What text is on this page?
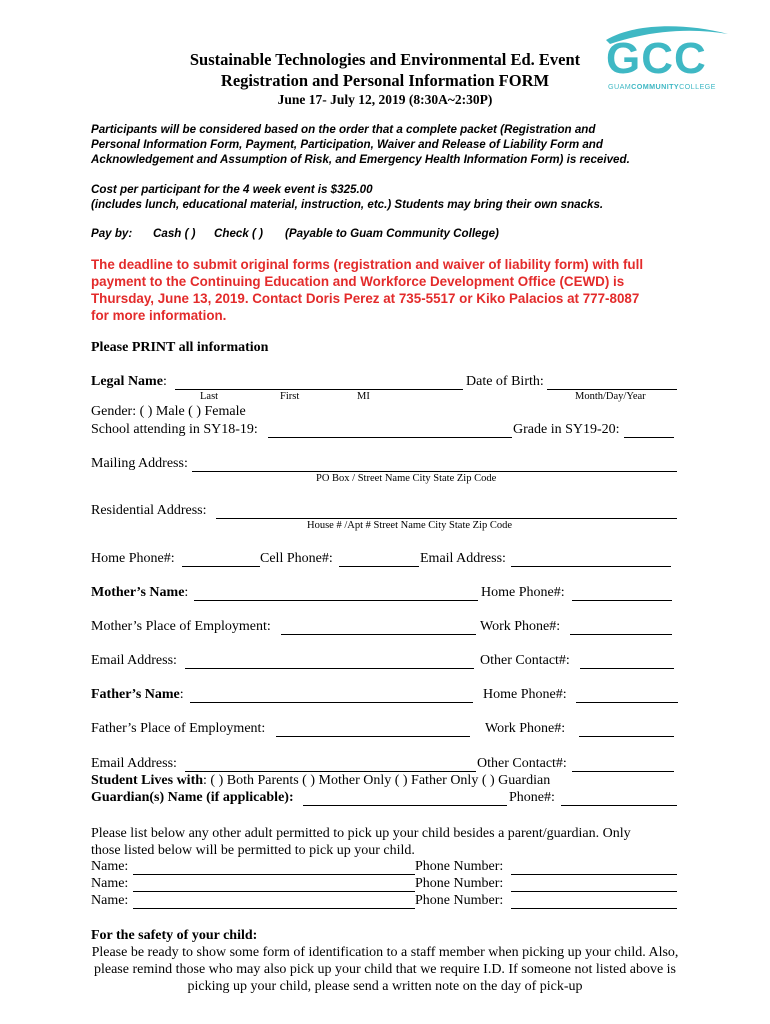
Sustainable Technologies and Environmental Ed. Event
Registration and Personal Information FORM
June 17- July 12, 2019 (8:30A~2:30P)
GCC
GUAMCOMMUNITYCOLLEGE
Participants will be considered based on the order that a complete packet (Registration and
Personal Information Form, Payment, Participation, Waiver and Release of Liability Form and
Acknowledgement and Assumption of Risk, and Emergency Health Information Form) is received.
Cost per participant for the 4 week event is $325.00
(includes lunch, educational material, instruction, etc.) Students may bring their own snacks.
Pay by: Cash ( ) Check ( ) (Payable to Guam Community College)
The deadline to submit original forms (registration and waiver of liability form) with full
payment to the Continuing Education and Workforce Development Office (CEWD) is
Thursday, June 13, 2019. Contact Doris Perez at 735-5517 or Kiko Palacios at 777-8087
for more information.
Please PRINT all information
Legal Name:	Date of Birth:
Last	First	MI	Month/Day/Year
Gender: ( ) Male ( ) Female
School attending in SY18-19:	Grade in SY19-20:
Mailing Address:
PO Box / Street Name City State Zip Code
Residential Address:
House # /Apt # Street Name City State Zip Code
Home Phone#:	Cell Phone#:	Email Address:
Mother’s Name:	Home Phone#:
Mother’s Place of Employment:	Work Phone#:
Email Address:	Other Contact#:
Father’s Name:	Home Phone#:
Father’s Place of Employment:	Work Phone#:
Email Address:	Other Contact#:
Student Lives with: ( ) Both Parents ( ) Mother Only ( ) Father Only ( ) Guardian
Guardian(s) Name (if applicable):	Phone#:
Please list below any other adult permitted to pick up your child besides a parent/guardian. Only
those listed below will be permitted to pick up your child.
Name:	Phone Number:
Name:	Phone Number:
Name:	Phone Number:
For the safety of your child:
Please be ready to show some form of identification to a staff member when picking up your child. Also,
please remind those who may also pick up your child that we require I.D. If someone not listed above is
picking up your child, please send a written note on the day of pick-up
